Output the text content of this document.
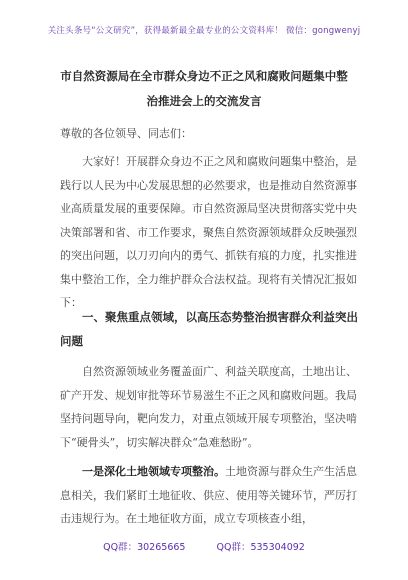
关注头条号“公文研究”，获得最新最全最专业的公文资料库！ 微信：gongwenyj
市自然资源局在全市群众身边不正之风和腐败问题集中整治推进会上的交流发言
尊敬的各位领导、同志们：
大家好！开展群众身边不正之风和腐败问题集中整治，是践行以人民为中心发展思想的必然要求，也是推动自然资源事业高质量发展的重要保障。市自然资源局坚决贯彻落实党中央决策部署和省、市工作要求，聚焦自然资源领域群众反映强烈的突出问题，以刀刃向内的勇气、抓铁有痕的力度，扎实推进集中整治工作，全力维护群众合法权益。现将有关情况汇报如下：
一、聚焦重点领域，以高压态势整治损害群众利益突出问题
自然资源领域业务覆盖面广、利益关联度高，土地出让、矿产开发、规划审批等环节易滋生不正之风和腐败问题。我局坚持问题导向，靶向发力，对重点领域开展专项整治，坚决啃下“硬骨头”，切实解决群众“急难愁盼”。
一是深化土地领域专项整治。土地资源与群众生产生活息息相关，我们紧盯土地征收、供应、使用等关键环节，严厉打击违规行为。在土地征收方面，成立专项核查小组，
QQ群：30265665	QQ群：535304092
